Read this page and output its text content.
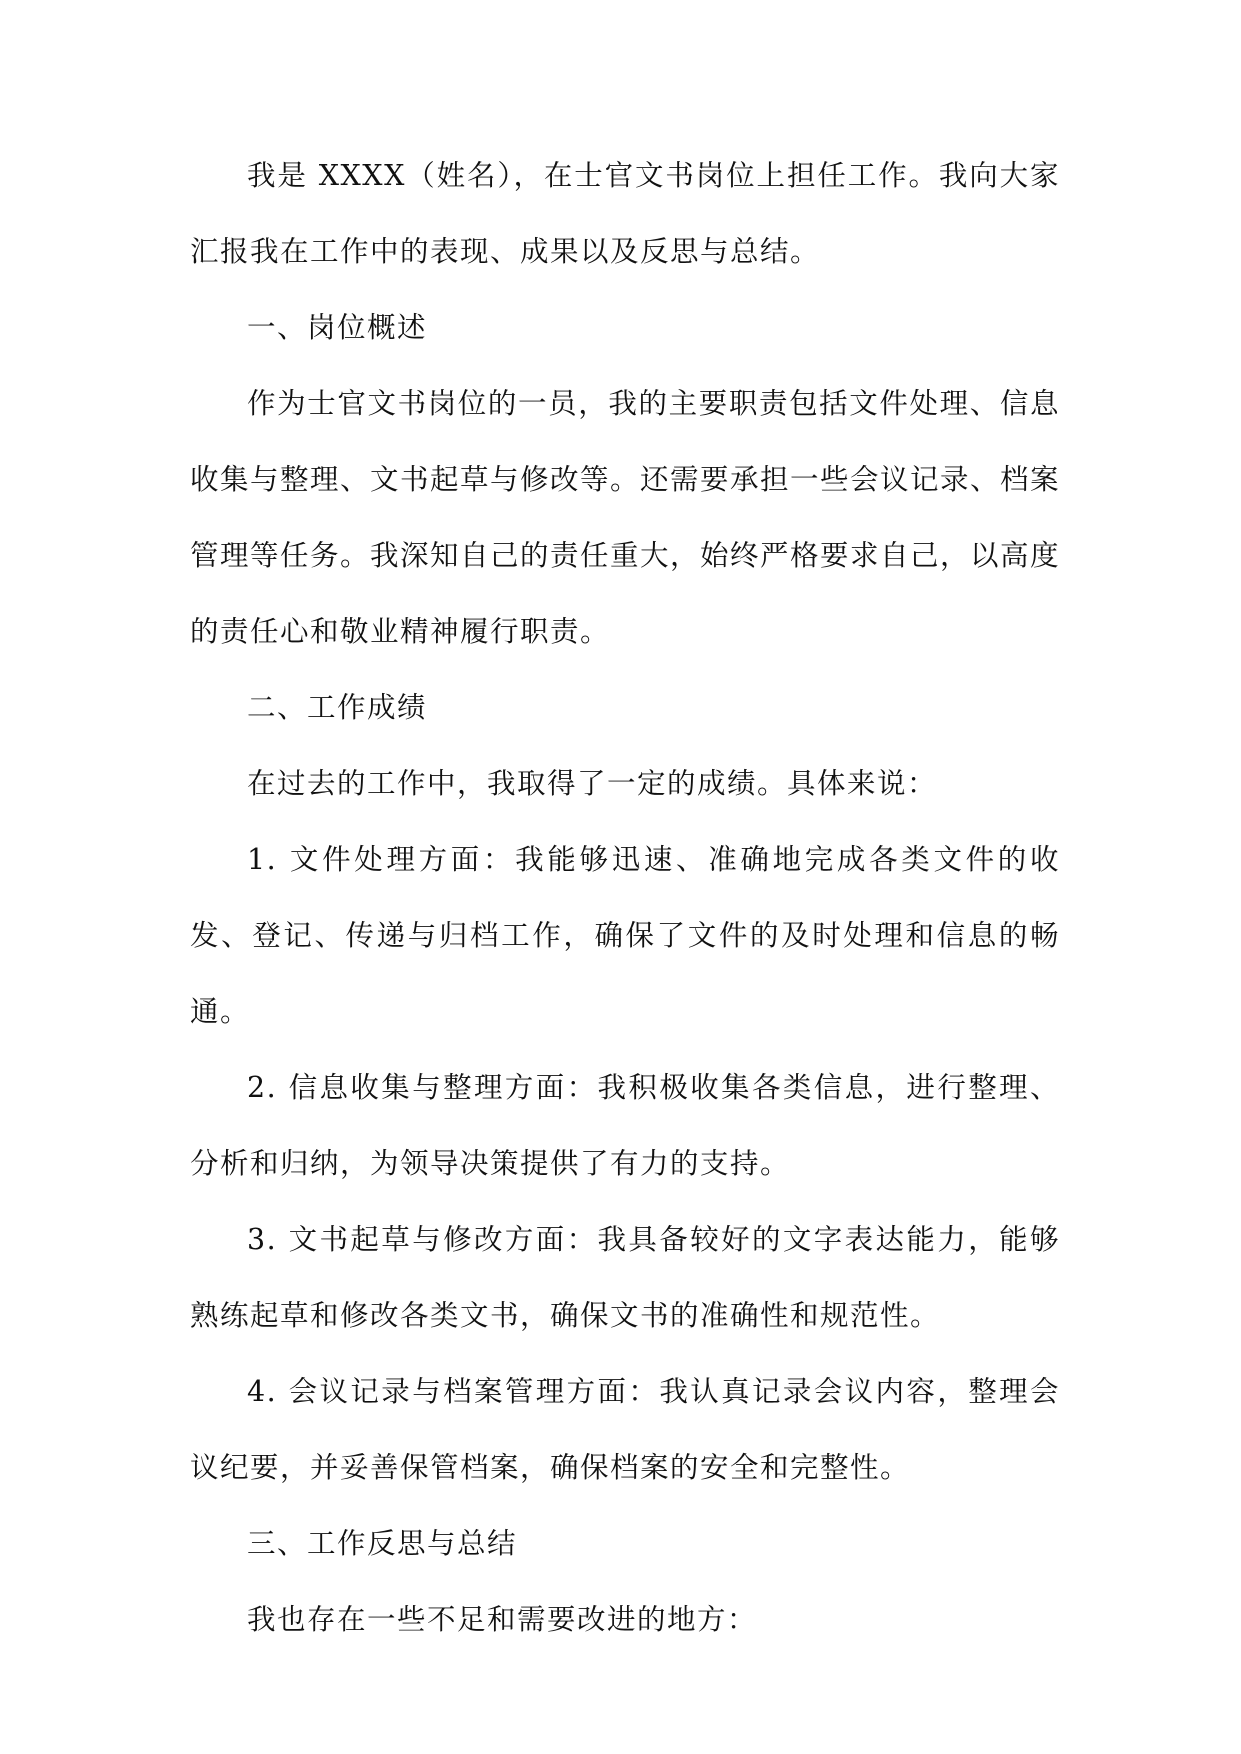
我是 XXXX（姓名），在士官文书岗位上担任工作。我向大家汇报我在工作中的表现、成果以及反思与总结。

一、岗位概述

作为士官文书岗位的一员，我的主要职责包括文件处理、信息收集与整理、文书起草与修改等。还需要承担一些会议记录、档案管理等任务。我深知自己的责任重大，始终严格要求自己，以高度的责任心和敬业精神履行职责。

二、工作成绩

在过去的工作中，我取得了一定的成绩。具体来说：

1. 文件处理方面：我能够迅速、准确地完成各类文件的收发、登记、传递与归档工作，确保了文件的及时处理和信息的畅通。

2. 信息收集与整理方面：我积极收集各类信息，进行整理、分析和归纳，为领导决策提供了有力的支持。

3. 文书起草与修改方面：我具备较好的文字表达能力，能够熟练起草和修改各类文书，确保文书的准确性和规范性。

4. 会议记录与档案管理方面：我认真记录会议内容，整理会议纪要，并妥善保管档案，确保档案的安全和完整性。

三、工作反思与总结

我也存在一些不足和需要改进的地方：
